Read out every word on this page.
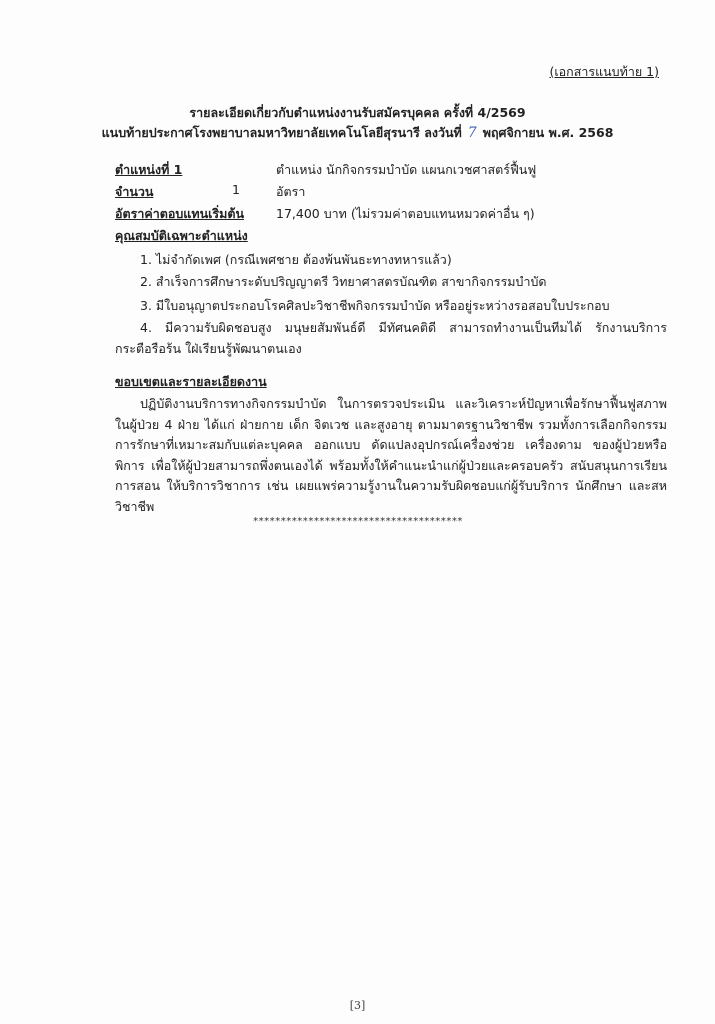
(เอกสารแนบท้าย 1)
รายละเอียดเกี่ยวกับตำแหน่งงานรับสมัครบุคคล ครั้งที่ 4/2569
แนบท้ายประกาศโรงพยาบาลมหาวิทยาลัยเทคโนโลยีสุรนารี ลงวันที่ 7 พฤศจิกายน พ.ศ. 2568
ตำแหน่งที่ 1	ตำแหน่ง นักกิจกรรมบำบัด แผนกเวชศาสตร์ฟื้นฟู
จำนวน	1	อัตรา
อัตราค่าตอบแทนเริ่มต้น	17,400 บาท (ไม่รวมค่าตอบแทนหมวดค่าอื่น ๆ)
คุณสมบัติเฉพาะตำแหน่ง
1. ไม่จำกัดเพศ (กรณีเพศชาย ต้องพ้นพันธะทางทหารแล้ว)
2. สำเร็จการศึกษาระดับปริญญาตรี วิทยาศาสตรบัณฑิต สาขากิจกรรมบำบัด
3. มีใบอนุญาตประกอบโรคศิลปะวิชาชีพกิจกรรมบำบัด หรืออยู่ระหว่างรอสอบใบประกอบ
4. มีความรับผิดชอบสูง มนุษยสัมพันธ์ดี มีทัศนคติดี สามารถทำงานเป็นทีมได้ รักงานบริการ กระตือรือร้น ใฝ่เรียนรู้พัฒนาตนเอง
ขอบเขตและรายละเอียดงาน
ปฏิบัติงานบริการทางกิจกรรมบำบัด ในการตรวจประเมิน และวิเคราะห์ปัญหาเพื่อรักษาฟื้นฟูสภาพในผู้ป่วย 4 ฝ่าย ได้แก่ ฝ่ายกาย เด็ก จิตเวช และสูงอายุ ตามมาตรฐานวิชาชีพ รวมทั้งการเลือกกิจกรรมการรักษาที่เหมาะสมกับแต่ละบุคคล ออกแบบ ดัดแปลงอุปกรณ์เครื่องช่วย เครื่องดาม ของผู้ป่วยหรือพิการ เพื่อให้ผู้ป่วยสามารถพึ่งตนเองได้ พร้อมทั้งให้คำแนะนำแก่ผู้ป่วยและครอบครัว สนับสนุนการเรียนการสอน ให้บริการวิชาการ เช่น เผยแพร่ความรู้งานในความรับผิดชอบแก่ผู้รับบริการ นักศึกษา และสหวิชาชีพ
**************************************
[3]
